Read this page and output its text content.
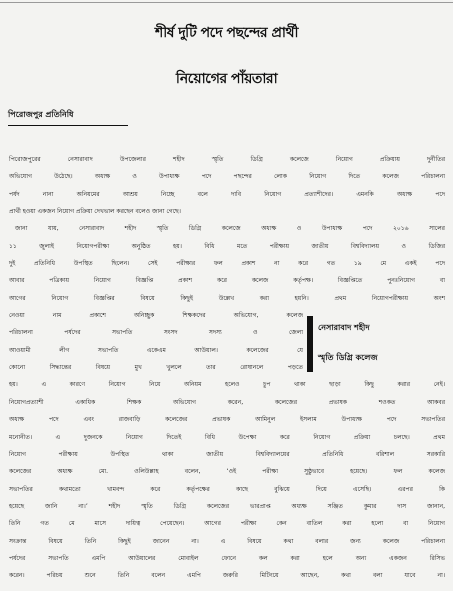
শীর্ষ দুটি পদে পছন্দের প্রার্থী
নিয়োগের পাঁয়তারা
পিরোজপুর প্রতিনিধি
পিরোজপুরের নেসারাবাদ উপজেলার শহীদ স্মৃতি ডিগ্রি কলেজে নিয়োগ প্রক্রিয়ায় দুর্নীতির
অভিযোগ উঠেছে। অধ্যক্ষ ও উপাধ্যক্ষ পদে পছন্দের লোক নিয়োগ দিতে কলেজ পরিচালনা
পর্ষদ নানা অনিয়মের আশ্রয় নিচ্ছে বলে দাবি নিয়োগ প্রত্যাশীদের। এমনকি অধ্যক্ষ পদে
প্রার্থী হওয়া একজন নিয়োগ প্রক্রিয়া দেখভাল করছেন বলেও জানা গেছে।
জানা যায়, নেসারাবাদ শহীদ স্মৃতি ডিগ্রি কলেজে অধ্যক্ষ ও উপাধ্যক্ষ পদে ২০১৬ সালের
১১ জুলাই নিয়োগপরীক্ষা অনুষ্ঠিত হয়। বিধি মতে পরীক্ষায় জাতীয় বিশ্ববিদ্যালয় ও ডিজির
দুই প্রতিনিধি উপস্থিত ছিলেন। সেই পরীক্ষার ফল প্রকাশ না করে গত ১৯ মে একই পদে
আবার পত্রিকায় নিয়োগ বিজ্ঞপ্তি প্রকাশ করে কলেজ কর্তৃপক্ষ। বিজ্ঞপ্তিতে পুনঃনিয়োগ বা
আগের নিয়োগ বিজ্ঞপ্তির বিষয়ে কিছুই উল্লেখ করা হয়নি। প্রথম নিয়োগপরীক্ষায় অংশ
নেওয়া নাম প্রকাশে অনিচ্ছুক শিক্ষকদের অভিযোগ, কলেজ
পরিচালনা পর্ষদের সভাপতি সংসদ সদস্য ও জেলা
আওয়ামী লীগ সভাপতি একেএম আউয়াল। কলেজের যে
কোনো সিদ্ধান্তের বিষয়ে মুখ খুললে তার রোষানলে পড়তে
হয়। এ কারণে নিয়োগ নিয়ে অনিয়ম হলেও চুপ থাকা ছাড়া কিছু করার নেই।
নিয়োগপ্রত্যাশী একাধিক শিক্ষক অভিযোগ করেন, কলেজের প্রভাষক শওকত আকবর
অধ্যক্ষ পদে এবং রাজবাড়ি কলেজের প্রভাষক আমিনুল ইসলাম উপাধ্যক্ষ পদে সভাপতির
মনোনীত। এ দুজনকে নিয়োগ দিতেই বিধি উপেক্ষা করে নিয়োগ প্রক্রিয়া চলছে। প্রথম
নিয়োগ পরীক্ষায় উপস্থিত থাকা জাতীয় বিশ্ববিদ্যালয়ের প্রতিনিধি বরিশাল সরকারি
কলেজের অধ্যক্ষ মো. ওলিউল্লাহ বলেন, ‘ওই পরীক্ষা সুষ্ঠুভাবে হয়েছে। ফল কলেজ
সভাপতির কথামতো খামবন্দ করে কর্তৃপক্ষের কাছে বুঝিয়ে দিয়ে এসেছি। এরপর কি
হয়েছে জানি না।’ শহীদ স্মৃতি ডিগ্রি কলেজের ভারপ্রাপ্ত অধ্যক্ষ সঞ্জিত কুমার দাস জানান,
তিনি গত মে মাসে দায়িত্ব পেয়েছেন। আগের পরীক্ষা কেন বাতিল করা হলো বা নিয়োগ
সংক্রান্ত বিষয়ে তিনি কিছুই জানেন না। এ বিষয়ে কথা বলার জন্য কলেজ পরিচালনা
পর্ষদের সভাপতি এমপি আউয়ালের মোবাইল ফোনে কল করা হলে অন্য একজন রিসিভ
করেন। পরিচয় শুনে তিনি বলেন এমপি জরুরি মিটিংয়ে আছেন, কথা বলা যাবে না।
নেসারাবাদ শহীদ
স্মৃতি ডিগ্রি কলেজ
